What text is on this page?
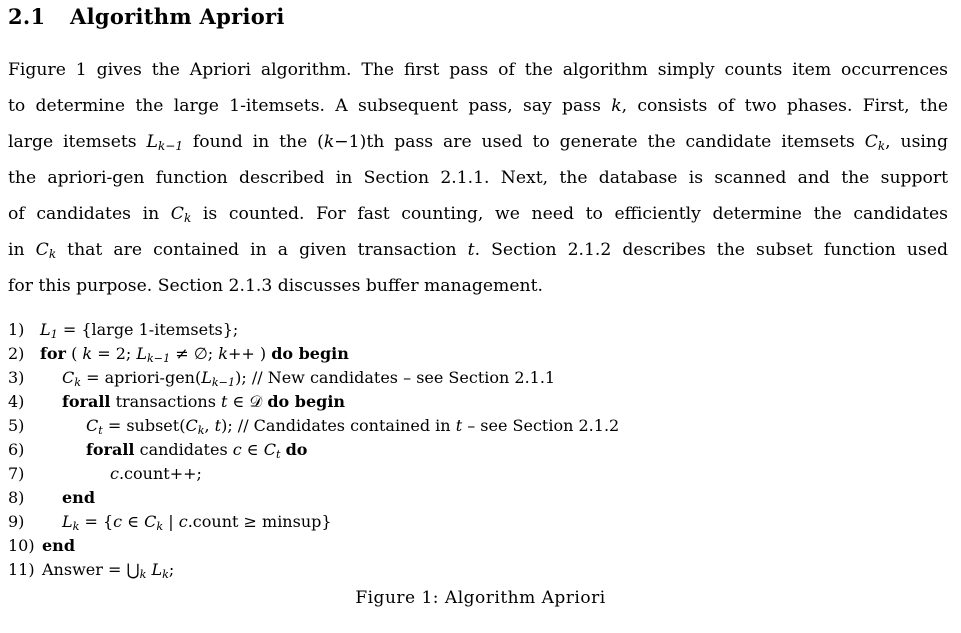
2.1 Algorithm Apriori
Figure 1 gives the Apriori algorithm. The first pass of the algorithm simply counts item occurrences
to determine the large 1-itemsets. A subsequent pass, say pass k, consists of two phases. First, the
large itemsets $L_{k-1}$ found in the (k−1)th pass are used to generate the candidate itemsets $C_k$, using
the apriori-gen function described in Section 2.1.1. Next, the database is scanned and the support
of candidates in $C_k$ is counted. For fast counting, we need to efficiently determine the candidates
in $C_k$ that are contained in a given transaction t. Section 2.1.2 describes the subset function used
for this purpose. Section 2.1.3 discusses buffer management.
1) $L_1$ = {large 1-itemsets};
2) for ( k = 2; $L_{k-1}$ ≠ ∅; k++ ) do begin
3) $C_k$ = apriori-$gen(L_{k-1})$; // New candidates – see Section 2.1.1
4) forall transactions t ∈ 𝒟 do begin
5)	$C_t$ = $subset(C_k$, t); // Candidates contained in t – see Section 2.1.2
6)	forall candidates c ∈ $C_t$ do
7)	c.count++;
8) end
9) $L_k = \{c$ ∈ $C_k$ | c.count ≥ minsup}
10) end
11) Answer = $⋃_k$ $L_k$;
Figure 1: Algorithm Apriori
